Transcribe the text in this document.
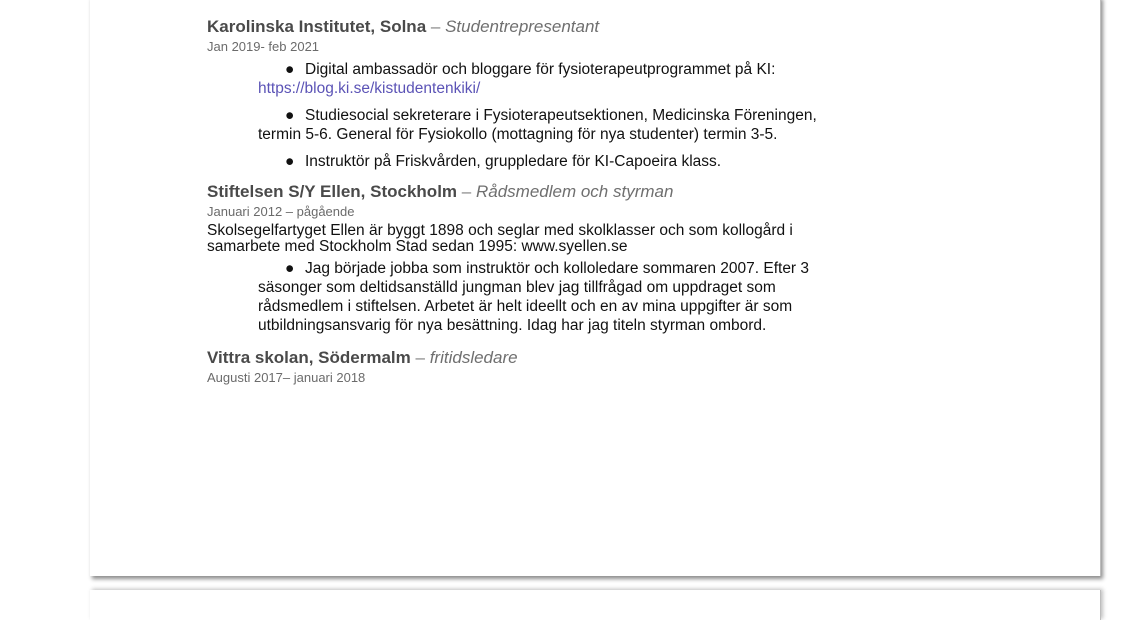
Karolinska Institutet, Solna – Studentrepresentant
Jan 2019- feb 2021
● Digital ambassadör och bloggare för fysioterapeutprogrammet på KI: https://blog.ki.se/kistudentenkiki/
● Studiesocial sekreterare i Fysioterapeutsektionen, Medicinska Föreningen, termin 5-6. General för Fysiokollo (mottagning för nya studenter) termin 3-5.
● Instruktör på Friskvården, gruppledare för KI-Capoeira klass.
Stiftelsen S/Y Ellen, Stockholm – Rådsmedlem och styrman
Januari 2012 – pågående
Skolsegelfartyget Ellen är byggt 1898 och seglar med skolklasser och som kollogård i samarbete med Stockholm Stad sedan 1995: www.syellen.se
● Jag började jobba som instruktör och kolloledare sommaren 2007. Efter 3 säsonger som deltidsanställd jungman blev jag tillfrågad om uppdraget som rådsmedlem i stiftelsen. Arbetet är helt ideellt och en av mina uppgifter är som utbildningsansvarig för nya besättning. Idag har jag titeln styrman ombord.
Vittra skolan, Södermalm – fritidsledare
Augusti 2017– januari 2018
